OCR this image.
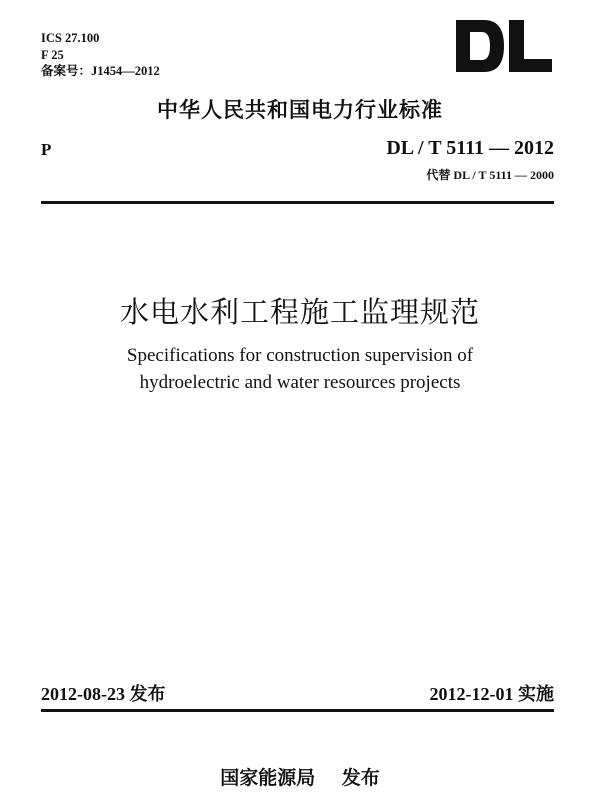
ICS 27.100
F 25
备案号：J1454—2012
中华人民共和国电力行业标准
P	DL / T 5111 — 2012
代替 DL / T 5111 — 2000
水电水利工程施工监理规范
Specifications for construction supervision of
hydroelectric and water resources projects
2012-08-23 发布	2012-12-01 实施
国家能源局 发布
